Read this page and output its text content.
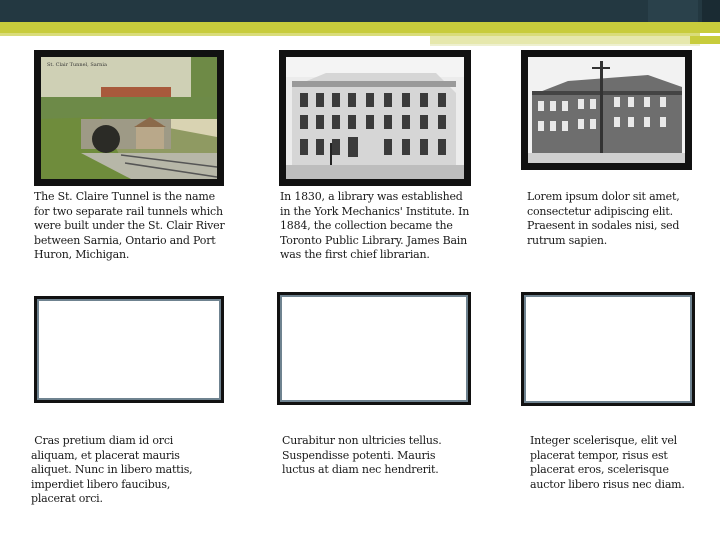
St. Clair Tunnel, Sarnia
The St. Claire Tunnel is the name for two separate rail tunnels which were built under the St. Clair River between Sarnia, Ontario and Port Huron, Michigan.
In 1830, a library was established in the York Mechanics' Institute. In 1884, the collection became the Toronto Public Library. James Bain was the first chief librarian.
Lorem ipsum dolor sit amet, consectetur adipiscing elit. Praesent in sodales nisi, sed rutrum sapien.
Cras pretium diam id orci aliquam, et placerat mauris aliquet. Nunc in libero mattis, imperdiet libero faucibus, placerat orci.
Curabitur non ultricies tellus. Suspendisse potenti. Mauris luctus at diam nec hendrerit.
Integer scelerisque, elit vel placerat tempor, risus est placerat eros, scelerisque auctor libero risus nec diam.
